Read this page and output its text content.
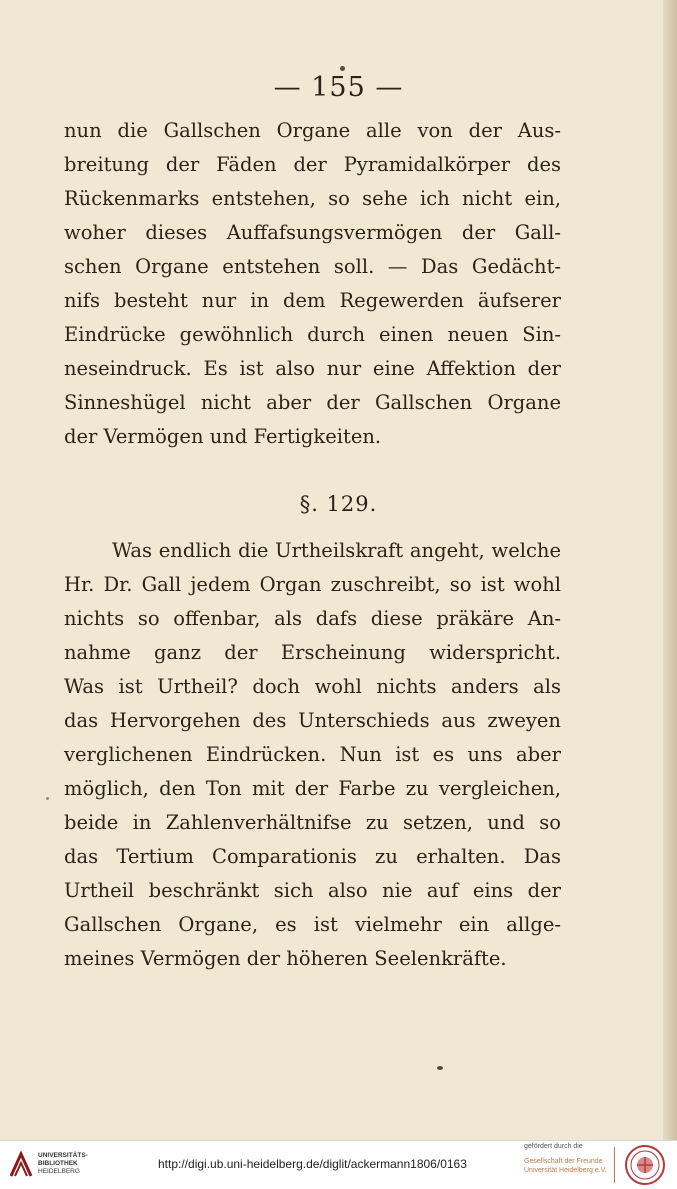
— 155 —
nun die Gallschen Organe alle von der Aus-
breitung der Fäden der Pyramidalkörper des
Rückenmarks entstehen, so sehe ich nicht ein,
woher dieses Auffafsungsvermögen der Gall-
schen Organe entstehen soll. — Das Gedächt-
nifs besteht nur in dem Regewerden äufserer
Eindrücke gewöhnlich durch einen neuen Sin-
neseindruck. Es ist also nur eine Affektion der
Sinneshügel nicht aber der Gallschen Organe
der Vermögen und Fertigkeiten.
§. 129.
Was endlich die Urtheilskraft angeht, welche
Hr. Dr. Gall jedem Organ zuschreibt, so ist wohl
nichts so offenbar, als dafs diese präkäre An-
nahme ganz der Erscheinung widerspricht.
Was ist Urtheil? doch wohl nichts anders als
das Hervorgehen des Unterschieds aus zweyen
verglichenen Eindrücken. Nun ist es uns aber
möglich, den Ton mit der Farbe zu vergleichen,
beide in Zahlenverhältnifse zu setzen, und so
das Tertium Comparationis zu erhalten. Das
Urtheil beschränkt sich also nie auf eins der
Gallschen Organe, es ist vielmehr ein allge-
meines Vermögen der höheren Seelenkräfte.
UNIVERSITÄTS-
BIBLIOTHEK
HEIDELBERG
http://digi.ub.uni-heidelberg.de/diglit/ackermann1806/0163
gefördert durch die
Gesellschaft der Freunde
Universität Heidelberg e.V.
